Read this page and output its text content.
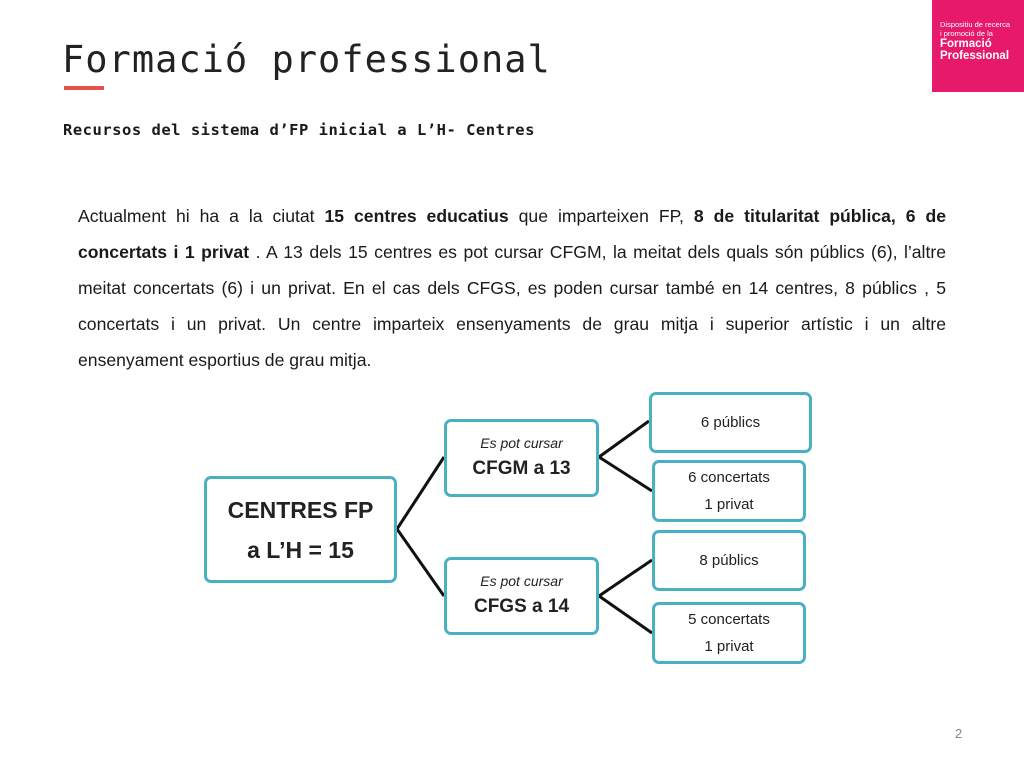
Formació professional
Recursos del sistema d’FP inicial a L’H- Centres
Dispositiu de recerca
i promoció de la
Formació
Professional
Actualment hi ha a la ciutat 15 centres educatius que imparteixen FP, 8 de titularitat pública, 6 de
concertats i 1 privat . A 13 dels 15 centres es pot cursar CFGM, la meitat dels quals són públics (6), l’altre
meitat concertats (6) i un privat. En el cas dels CFGS, es poden cursar també en 14 centres, 8 públics , 5
concertats i un privat. Un centre imparteix ensenyaments de grau mitja i superior artístic i un altre
ensenyament esportius de grau mitja.
CENTRES FP
a L’H = 15
Es pot cursar
CFGM a 13
Es pot cursar
CFGS a 14
6 públics
6 concertats
1 privat
8 públics
5 concertats
1 privat
2
